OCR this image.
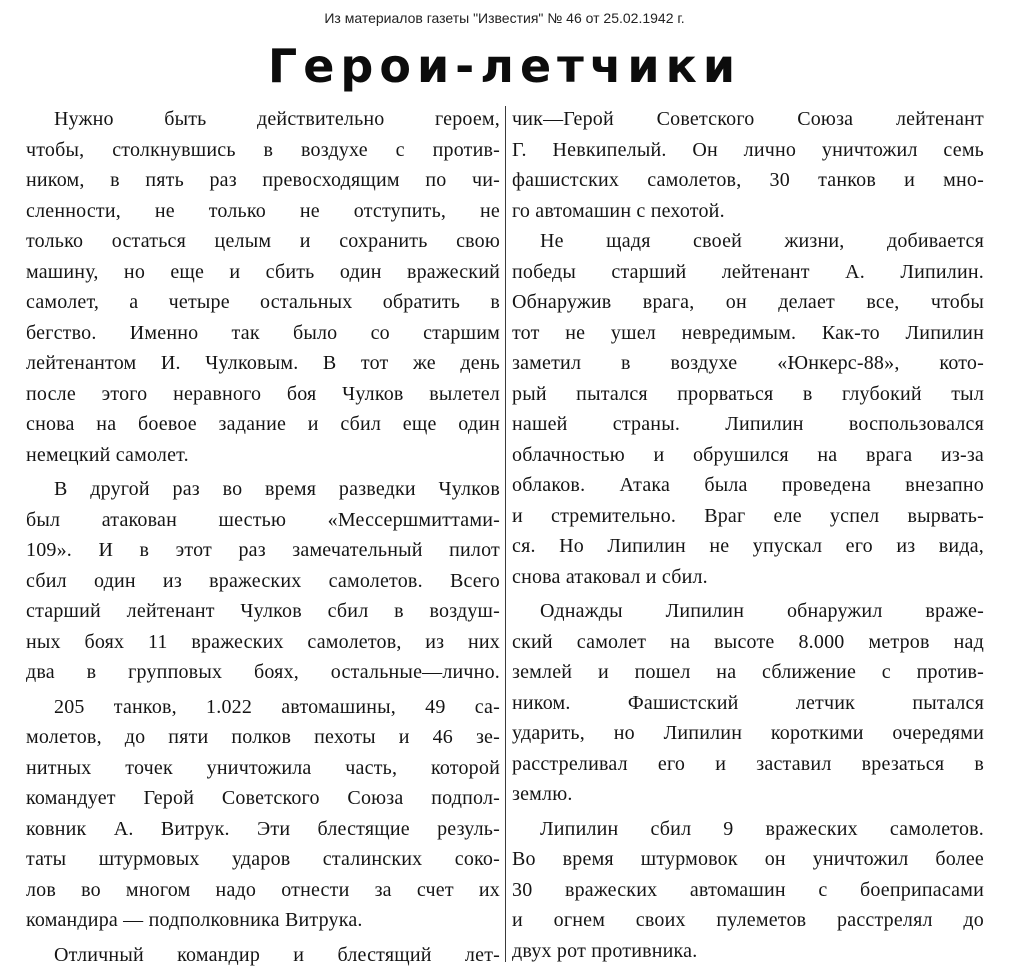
Из материалов газеты "Известия" № 46 от 25.02.1942 г.
Герои-летчики
Нужно быть действительно героем,
чтобы, столкнувшись в воздухе с против-
ником, в пять раз превосходящим по чи-
сленности, не только не отступить, не
только остаться целым и сохранить свою
машину, но еще и сбить один вражеский
самолет, а четыре остальных обратить в
бегство. Именно так было со старшим
лейтенантом И. Чулковым. В тот же день
после этого неравного боя Чулков вылетел
снова на боевое задание и сбил еще один
немецкий самолет.
В другой раз во время разведки Чулков
был атакован шестью «Мессершмиттами-
109». И в этот раз замечательный пилот
сбил один из вражеских самолетов. Всего
старший лейтенант Чулков сбил в воздуш-
ных боях 11 вражеских самолетов, из них
два в групповых боях, остальные—лично.
205 танков, 1.022 автомашины, 49 са-
молетов, до пяти полков пехоты и 46 зе-
нитных точек уничтожила часть, которой
командует Герой Советского Союза подпол-
ковник А. Витрук. Эти блестящие резуль-
таты штурмовых ударов сталинских соко-
лов во многом надо отнести за счет их
командира — подполковника Витрука.
Отличный командир и блестящий лет-
чик—Герой Советского Союза лейтенант
Г. Невкипелый. Он лично уничтожил семь
фашистских самолетов, 30 танков и мно-
го автомашин с пехотой.
Не щадя своей жизни, добивается
победы старший лейтенант А. Липилин.
Обнаружив врага, он делает все, чтобы
тот не ушел невредимым. Как-то Липилин
заметил в воздухе «Юнкерс-88», кото-
рый пытался прорваться в глубокий тыл
нашей страны. Липилин воспользовался
облачностью и обрушился на врага из-за
облаков. Атака была проведена внезапно
и стремительно. Враг еле успел вырвать-
ся. Но Липилин не упускал его из вида,
снова атаковал и сбил.
Однажды Липилин обнаружил враже-
ский самолет на высоте 8.000 метров над
землей и пошел на сближение с против-
ником. Фашистский летчик пытался
ударить, но Липилин короткими очередями
расстреливал его и заставил врезаться в
землю.
Липилин сбил 9 вражеских самолетов.
Во время штурмовок он уничтожил более
30 вражеских автомашин с боеприпасами
и огнем своих пулеметов расстрелял до
двух рот противника.
